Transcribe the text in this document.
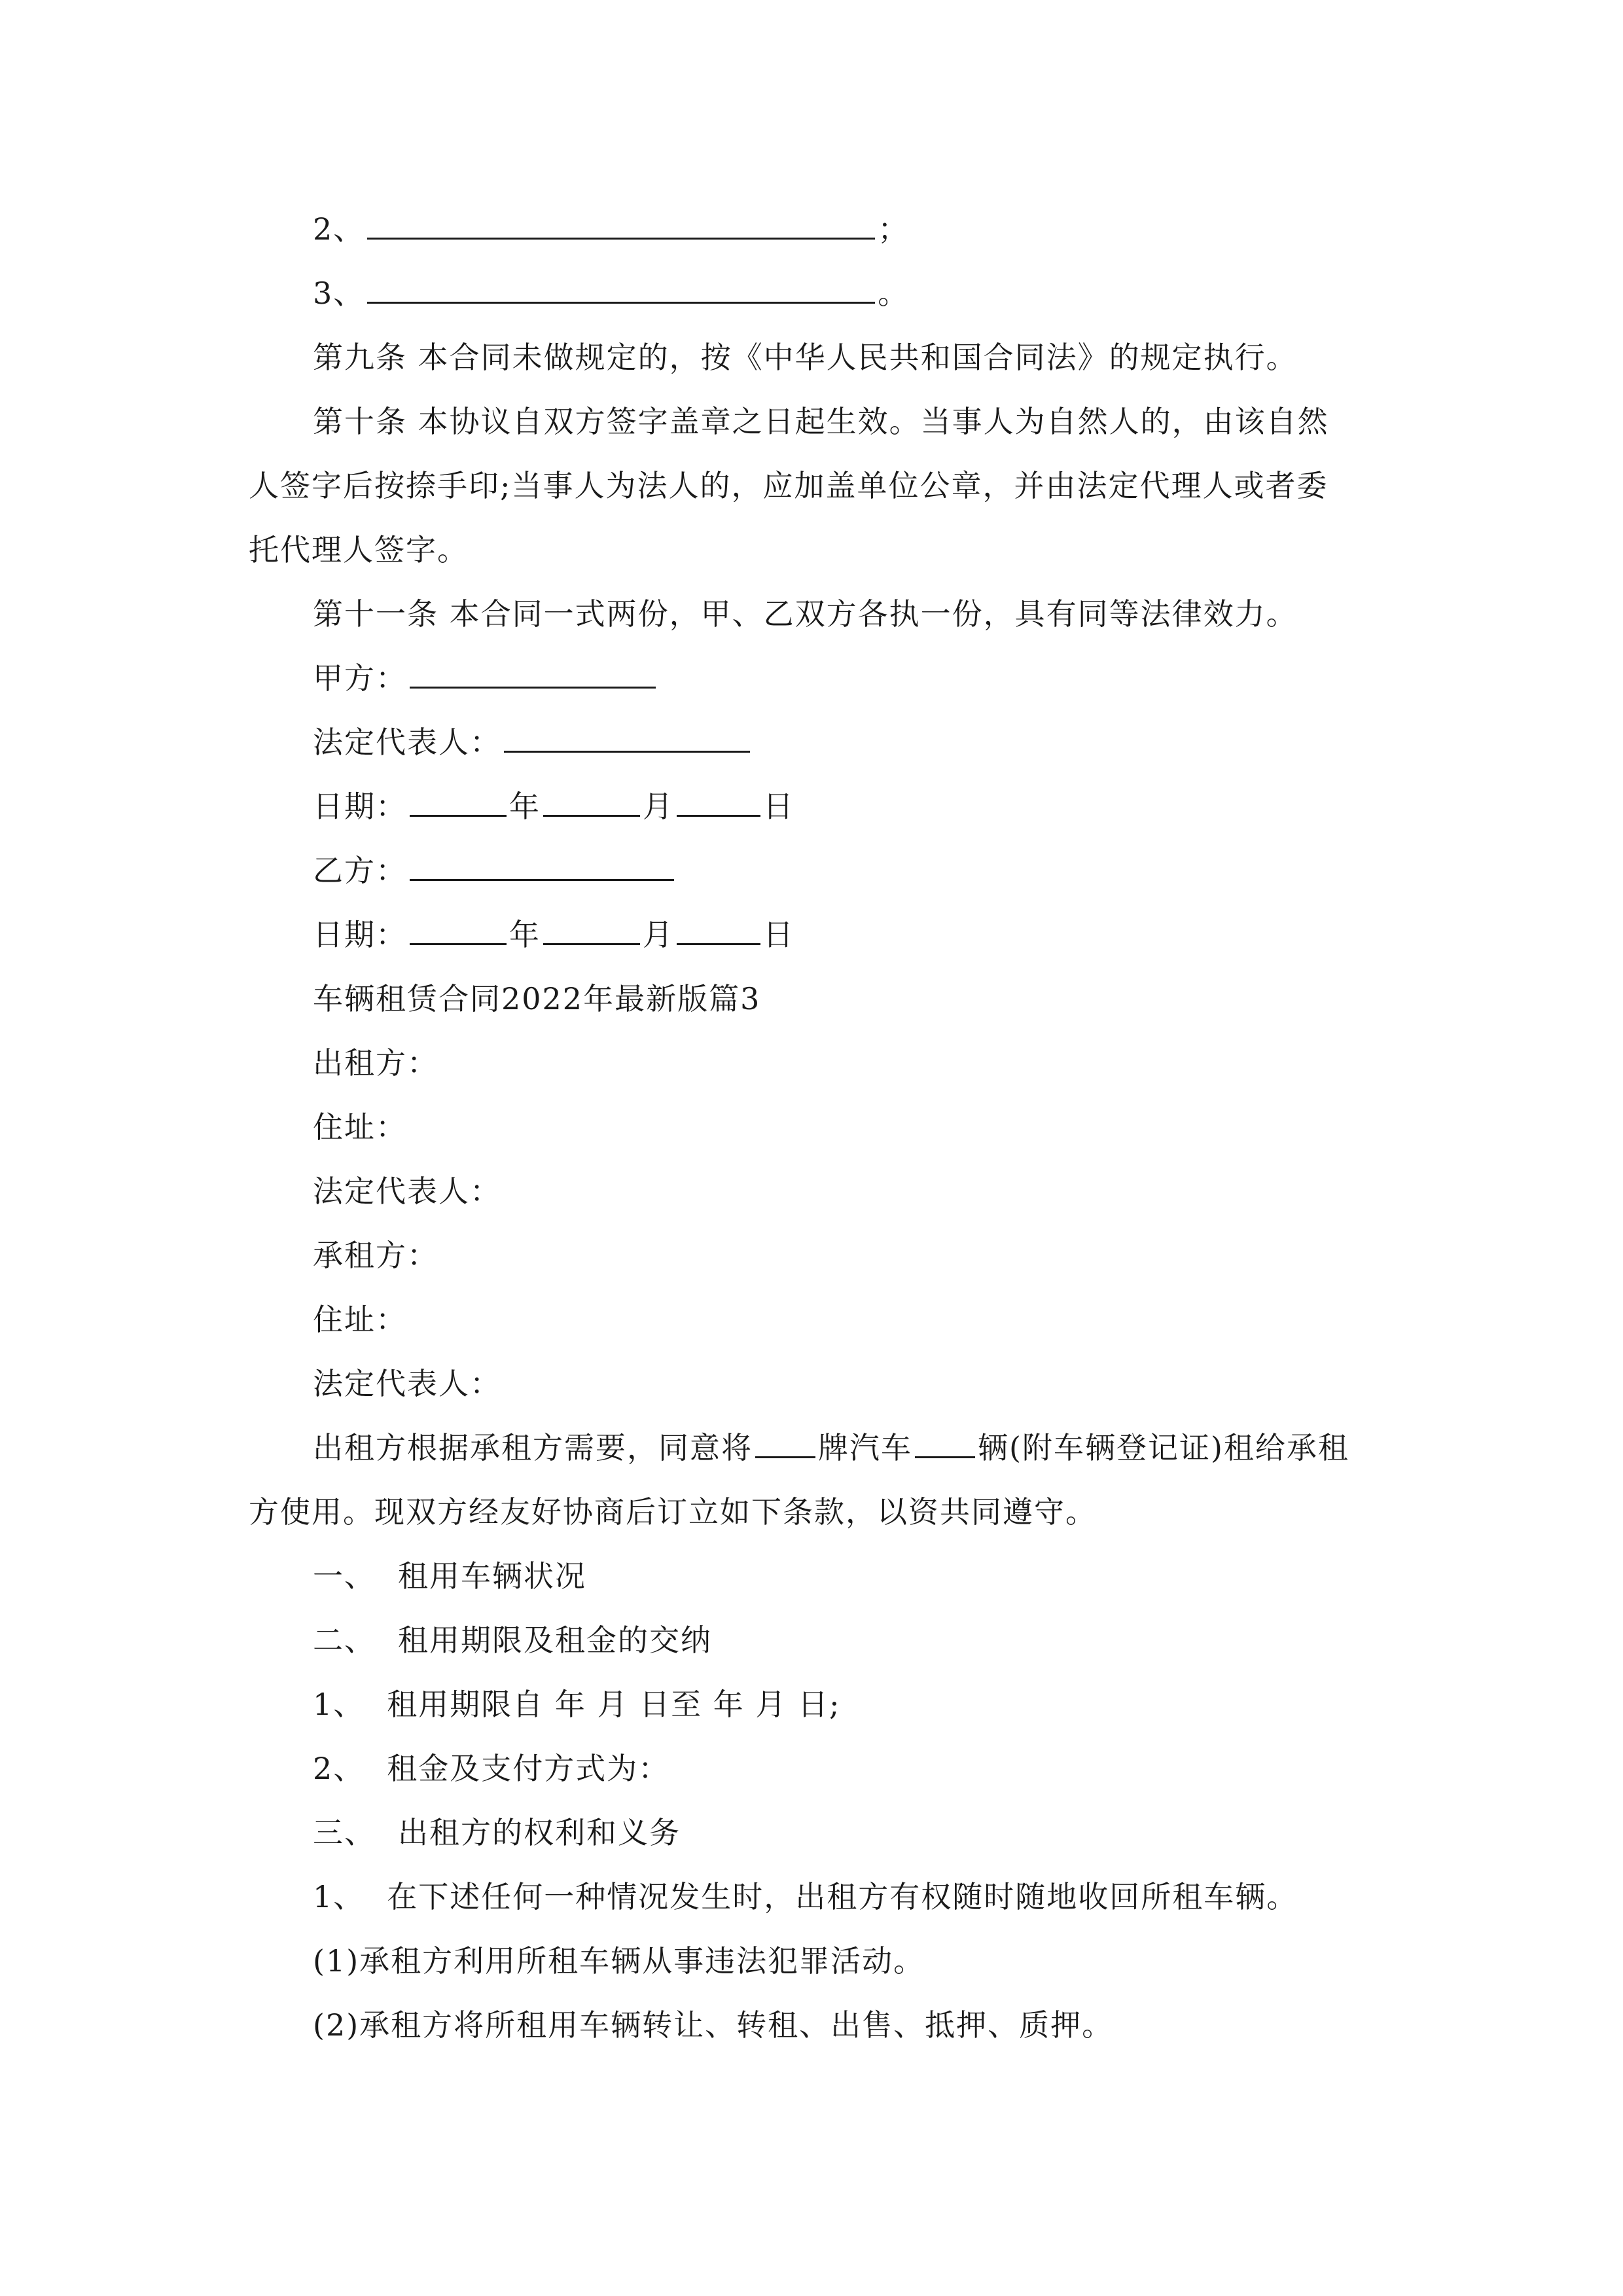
2、	；
3、	。
第九条 本合同未做规定的，按《中华人民共和国合同法》的规定执行。
第十条 本协议自双方签字盖章之日起生效。当事人为自然人的，由该自然
人签字后按捺手印;当事人为法人的，应加盖单位公章，并由法定代理人或者委
托代理人签字。
第十一条 本合同一式两份，甲、乙双方各执一份，具有同等法律效力。
甲方：
法定代表人：
日期：	年	月	日
乙方：
日期：	年	月	日
车辆租赁合同2022年最新版篇3
出租方：
住址：
法定代表人：
承租方：
住址：
法定代表人：
出租方根据承租方需要，同意将 牌汽车 辆(附车辆登记证)租给承租
方使用。现双方经友好协商后订立如下条款，以资共同遵守。
一、 租用车辆状况
二、 租用期限及租金的交纳
1、 租用期限自 年 月 日至 年 月 日;
2、 租金及支付方式为：
三、 出租方的权利和义务
1、 在下述任何一种情况发生时，出租方有权随时随地收回所租车辆。
(1)承租方利用所租车辆从事违法犯罪活动。
(2)承租方将所租用车辆转让、转租、出售、抵押、质押。
